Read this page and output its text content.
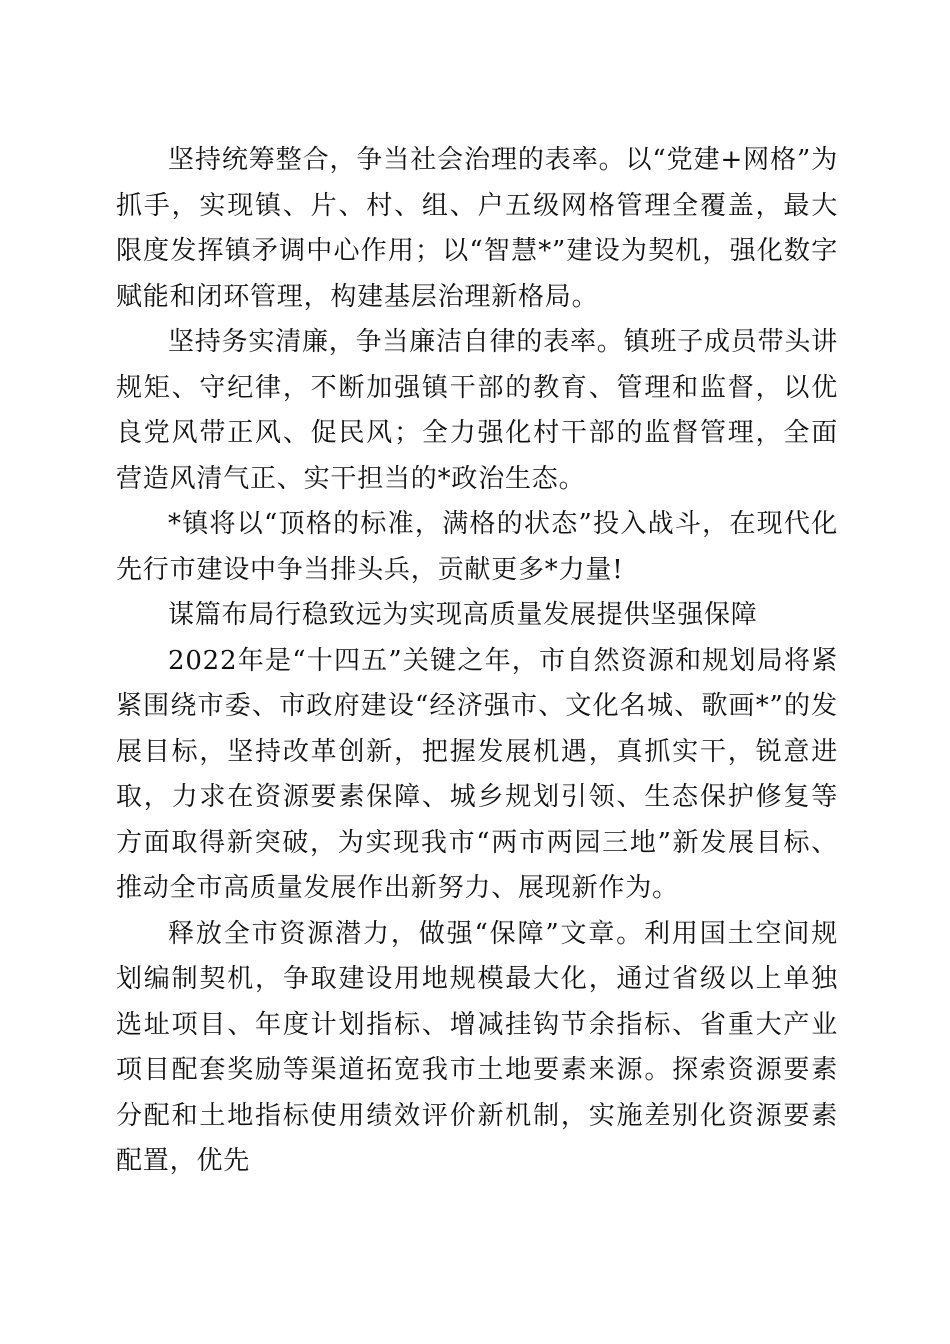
坚持统筹整合，争当社会治理的表率。以“党建+网格”为抓手，实现镇、片、村、组、户五级网格管理全覆盖，最大限度发挥镇矛调中心作用；以“智慧*”建设为契机，强化数字赋能和闭环管理，构建基层治理新格局。

坚持务实清廉，争当廉洁自律的表率。镇班子成员带头讲规矩、守纪律，不断加强镇干部的教育、管理和监督，以优良党风带正风、促民风；全力强化村干部的监督管理，全面营造风清气正、实干担当的*政治生态。

*镇将以“顶格的标准，满格的状态”投入战斗，在现代化先行市建设中争当排头兵，贡献更多*力量!

谋篇布局行稳致远为实现高质量发展提供坚强保障

2022年是“十四五”关键之年，市自然资源和规划局将紧紧围绕市委、市政府建设“经济强市、文化名城、歌画*”的发展目标，坚持改革创新，把握发展机遇，真抓实干，锐意进取，力求在资源要素保障、城乡规划引领、生态保护修复等方面取得新突破，为实现我市“两市两园三地”新发展目标、推动全市高质量发展作出新努力、展现新作为。

释放全市资源潜力，做强“保障”文章。利用国土空间规划编制契机，争取建设用地规模最大化，通过省级以上单独选址项目、年度计划指标、增减挂钩节余指标、省重大产业项目配套奖励等渠道拓宽我市土地要素来源。探索资源要素分配和土地指标使用绩效评价新机制，实施差别化资源要素配置，优先
